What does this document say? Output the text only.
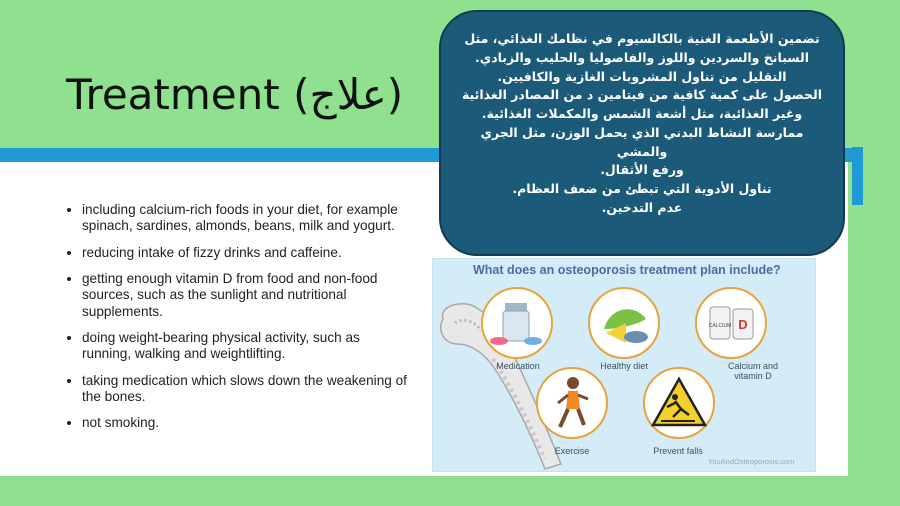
Treatment (علاج)
تضمين الأطعمة الغنية بالكالسيوم في نظامك الغذائي، مثل
السبانخ والسردين واللوز والفاصوليا والحليب والزبادي.
التقليل من تناول المشروبات الغازية والكافيين.
الحصول على كمية كافية من فيتامين د من المصادر الغذائية
وغير الغذائية، مثل أشعة الشمس والمكملات الغذائية.
ممارسة النشاط البدني الذي يحمل الوزن، مثل الجري والمشي
ورفع الأثقال.
تناول الأدوية التي تبطئ من ضعف العظام.
عدم التدخين.
• including calcium-rich foods in your diet, for example spinach, sardines, almonds, beans, milk and yogurt.
• reducing intake of fizzy drinks and caffeine.
• getting enough vitamin D from food and non-food sources, such as the sunlight and nutritional supplements.
• doing weight-bearing physical activity, such as running, walking and weightlifting.
• taking medication which slows down the weakening of the bones.
• not smoking.
What does an osteoporosis treatment plan include?
Medication	Healthy diet
CALCIUM D
Calcium and vitamin D
Exercise	Prevent falls
YouAndOsteoporosis.com
